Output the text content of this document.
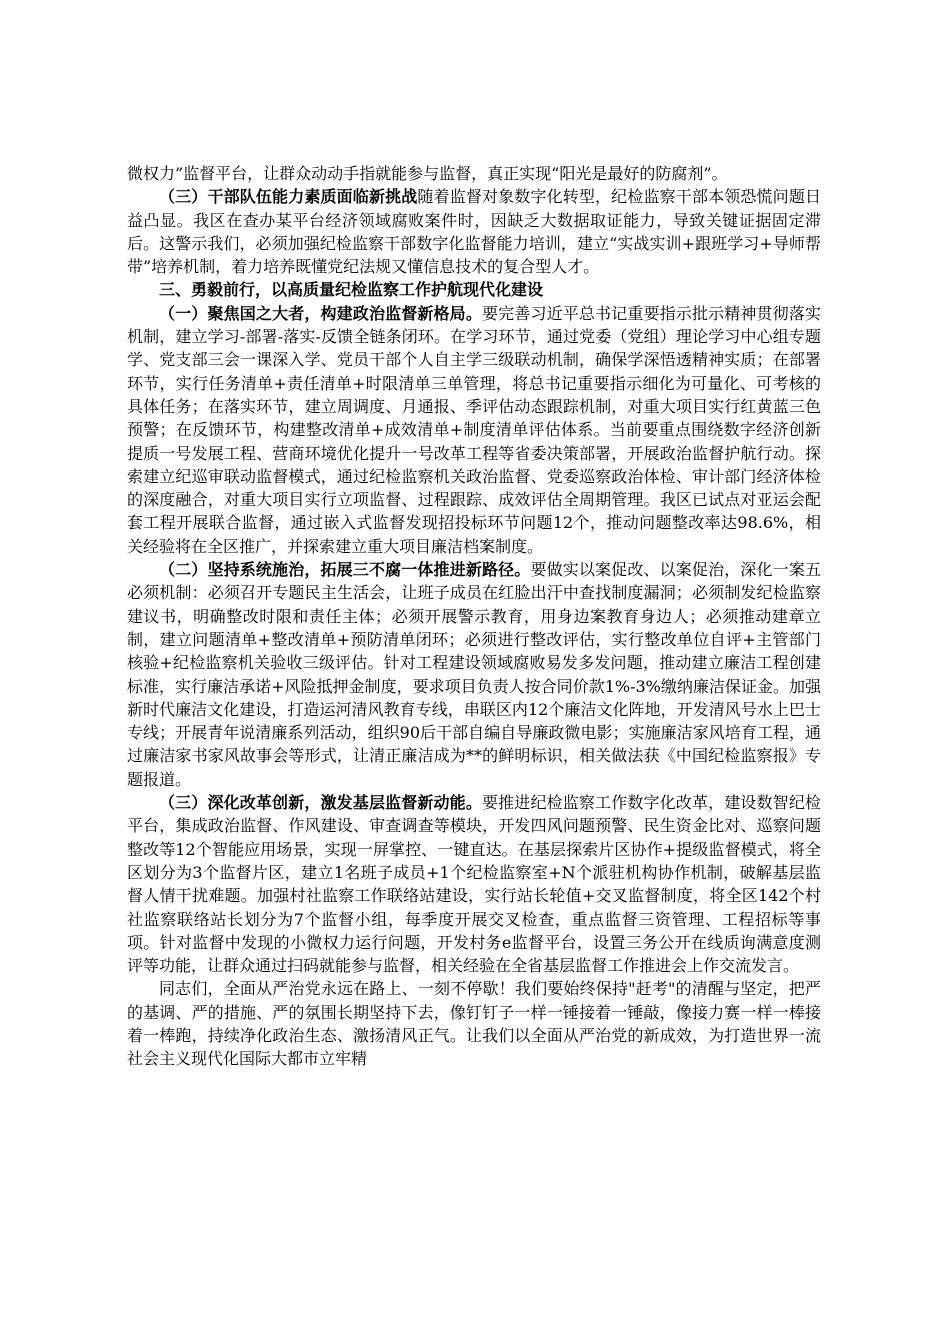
微权力”监督平台，让群众动动手指就能参与监督，真正实现“阳光是最好的防腐剂”。

（三）干部队伍能力素质面临新挑战随着监督对象数字化转型，纪检监察干部本领恐慌问题日益凸显。我区在查办某平台经济领域腐败案件时，因缺乏大数据取证能力，导致关键证据固定滞后。这警示我们，必须加强纪检监察干部数字化监督能力培训，建立“实战实训+跟班学习+导师帮带”培养机制，着力培养既懂党纪法规又懂信息技术的复合型人才。

三、勇毅前行，以高质量纪检监察工作护航现代化建设

（一）聚焦国之大者，构建政治监督新格局。要完善习近平总书记重要指示批示精神贯彻落实机制，建立学习-部署-落实-反馈全链条闭环。在学习环节，通过党委（党组）理论学习中心组专题学、党支部三会一课深入学、党员干部个人自主学三级联动机制，确保学深悟透精神实质；在部署环节，实行任务清单+责任清单+时限清单三单管理，将总书记重要指示细化为可量化、可考核的具体任务；在落实环节，建立周调度、月通报、季评估动态跟踪机制，对重大项目实行红黄蓝三色预警；在反馈环节，构建整改清单+成效清单+制度清单评估体系。当前要重点围绕数字经济创新提质一号发展工程、营商环境优化提升一号改革工程等省委决策部署，开展政治监督护航行动。探索建立纪巡审联动监督模式，通过纪检监察机关政治监督、党委巡察政治体检、审计部门经济体检的深度融合，对重大项目实行立项监督、过程跟踪、成效评估全周期管理。我区已试点对亚运会配套工程开展联合监督，通过嵌入式监督发现招投标环节问题12个，推动问题整改率达98.6%，相关经验将在全区推广，并探索建立重大项目廉洁档案制度。

（二）坚持系统施治，拓展三不腐一体推进新路径。要做实以案促改、以案促治，深化一案五必须机制：必须召开专题民主生活会，让班子成员在红脸出汗中查找制度漏洞；必须制发纪检监察建议书，明确整改时限和责任主体；必须开展警示教育，用身边案教育身边人；必须推动建章立制，建立问题清单+整改清单+预防清单闭环；必须进行整改评估，实行整改单位自评+主管部门核验+纪检监察机关验收三级评估。针对工程建设领域腐败易发多发问题，推动建立廉洁工程创建标准，实行廉洁承诺+风险抵押金制度，要求项目负责人按合同价款1%-3%缴纳廉洁保证金。加强新时代廉洁文化建设，打造运河清风教育专线，串联区内12个廉洁文化阵地，开发清风号水上巴士专线；开展青年说清廉系列活动，组织90后干部自编自导廉政微电影；实施廉洁家风培育工程，通过廉洁家书家风故事会等形式，让清正廉洁成为**的鲜明标识，相关做法获《中国纪检监察报》专题报道。

（三）深化改革创新，激发基层监督新动能。要推进纪检监察工作数字化改革，建设数智纪检平台，集成政治监督、作风建设、审查调查等模块，开发四风问题预警、民生资金比对、巡察问题整改等12个智能应用场景，实现一屏掌控、一键直达。在基层探索片区协作+提级监督模式，将全区划分为3个监督片区，建立1名班子成员+1个纪检监察室+N个派驻机构协作机制，破解基层监督人情干扰难题。加强村社监察工作联络站建设，实行站长轮值+交叉监督制度，将全区142个村社监察联络站长划分为7个监督小组，每季度开展交叉检查，重点监督三资管理、工程招标等事项。针对监督中发现的小微权力运行问题，开发村务e监督平台，设置三务公开在线质询满意度测评等功能，让群众通过扫码就能参与监督，相关经验在全省基层监督工作推进会上作交流发言。

同志们，全面从严治党永远在路上、一刻不停歇！我们要始终保持"赶考"的清醒与坚定，把严的基调、严的措施、严的氛围长期坚持下去，像钉钉子一样一锤接着一锤敲，像接力赛一样一棒接着一棒跑，持续净化政治生态、激扬清风正气。让我们以全面从严治党的新成效，为打造世界一流社会主义现代化国际大都市立牢精
